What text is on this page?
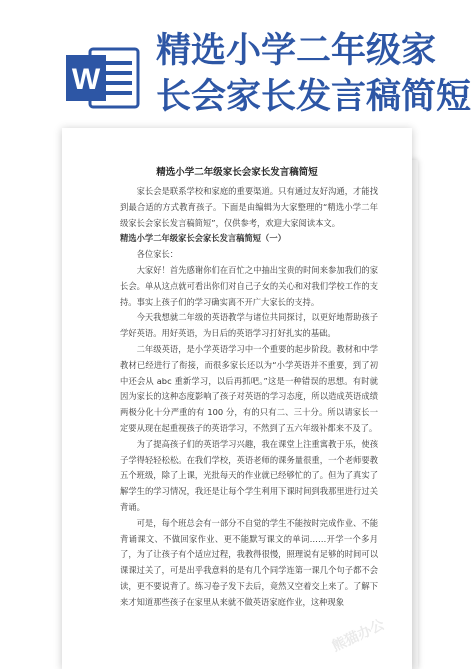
W
精选小学二年级家
长会家长发言稿简短
精选小学二年级家长会家长发言稿简短

家长会是联系学校和家庭的重要渠道。只有通过友好沟通，才能找到最合适的方式教育孩子。下面是由编辑为大家整理的“精选小学二年级家长会家长发言稿简短”，仅供参考，欢迎大家阅读本文。

精选小学二年级家长会家长发言稿简短（一）

各位家长：

大家好！首先感谢你们在百忙之中抽出宝贵的时间来参加我们的家长会。单从这点就可看出你们对自己子女的关心和对我们学校工作的支持。事实上孩子们的学习确实离不开广大家长的支持。

今天我想就二年级的英语教学与诸位共同探讨，以更好地帮助孩子学好英语。用好英语，为日后的英语学习打好扎实的基础。

二年级英语，是小学英语学习中一个重要的起步阶段。教材和中学教材已经进行了衔接，而很多家长还以为“小学英语并不重要，到了初中还会从 abc 重新学习，以后再抓吧。”这是一种错误的思想。有时就因为家长的这种态度影响了孩子对英语的学习态度，所以造成英语成绩两极分化十分严重的有 100 分，有的只有二、三十分。所以请家长一定要从现在起重视孩子的英语学习，不然到了五六年级补都来不及了。

为了提高孩子们的英语学习兴趣，我在课堂上注重寓教于乐，使孩子学得轻轻松松。在我们学校，英语老师的课务量很重，一个老师要教五个班级，除了上课，光批每天的作业就已经够忙的了。但为了真实了解学生的学习情况，我还是让每个学生利用下课时间到我那里进行过关背诵。

可是，每个班总会有一部分不自觉的学生不能按时完成作业、不能背诵课文、不做回家作业、更不能默写课文的单词……开学一个多月了，为了让孩子有个适应过程，我教得很慢，照理说有足够的时间可以课课过关了，可是出乎我意料的是有几个同学连第一课几个句子都不会读，更不要说背了。练习卷子发下去后，竟然又空着交上来了。了解下来才知道那些孩子在家里从来就不做英语家庭作业，这种现象

熊猫办公
